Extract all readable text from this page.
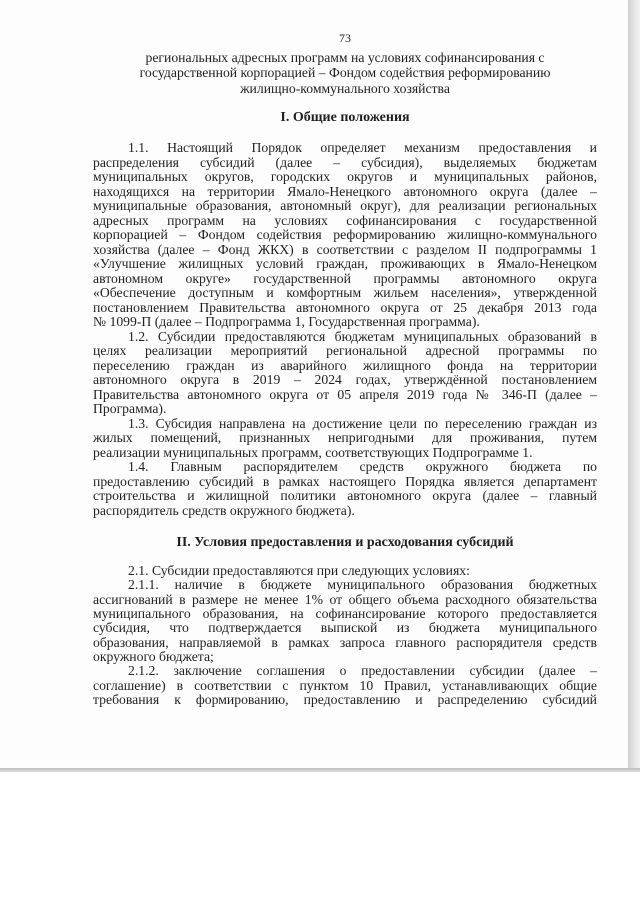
73
региональных адресных программ на условиях софинансирования с
государственной корпорацией – Фондом содействия реформированию
жилищно-коммунального хозяйства
I. Общие положения
1.1. Настоящий Порядок определяет механизм предоставления и
распределения субсидий (далее – субсидия), выделяемых бюджетам
муниципальных округов, городских округов и муниципальных районов,
находящихся на территории Ямало-Ненецкого автономного округа (далее –
муниципальные образования, автономный округ), для реализации региональных
адресных программ на условиях софинансирования с государственной
корпорацией – Фондом содействия реформированию жилищно-коммунального
хозяйства (далее – Фонд ЖКХ) в соответствии с разделом II подпрограммы 1
«Улучшение жилищных условий граждан, проживающих в Ямало-Ненецком
автономном округе» государственной программы автономного округа
«Обеспечение доступным и комфортным жильем населения», утвержденной
постановлением Правительства автономного округа от 25 декабря 2013 года
№ 1099-П (далее – Подпрограмма 1, Государственная программа).
1.2. Субсидии предоставляются бюджетам муниципальных образований в
целях реализации мероприятий региональной адресной программы по
переселению граждан из аварийного жилищного фонда на территории
автономного округа в 2019 – 2024 годах, утверждённой постановлением
Правительства автономного округа от 05 апреля 2019 года № 346-П (далее –
Программа).
1.3. Субсидия направлена на достижение цели по переселению граждан из
жилых помещений, признанных непригодными для проживания, путем
реализации муниципальных программ, соответствующих Подпрограмме 1.
1.4. Главным распорядителем средств окружного бюджета по
предоставлению субсидий в рамках настоящего Порядка является департамент
строительства и жилищной политики автономного округа (далее – главный
распорядитель средств окружного бюджета).
II. Условия предоставления и расходования субсидий
2.1. Субсидии предоставляются при следующих условиях:
2.1.1. наличие в бюджете муниципального образования бюджетных
ассигнований в размере не менее 1% от общего объема расходного обязательства
муниципального образования, на софинансирование которого предоставляется
субсидия, что подтверждается выпиской из бюджета муниципального
образования, направляемой в рамках запроса главного распорядителя средств
окружного бюджета;
2.1.2. заключение соглашения о предоставлении субсидии (далее –
соглашение) в соответствии с пунктом 10 Правил, устанавливающих общие
требования к формированию, предоставлению и распределению субсидий
